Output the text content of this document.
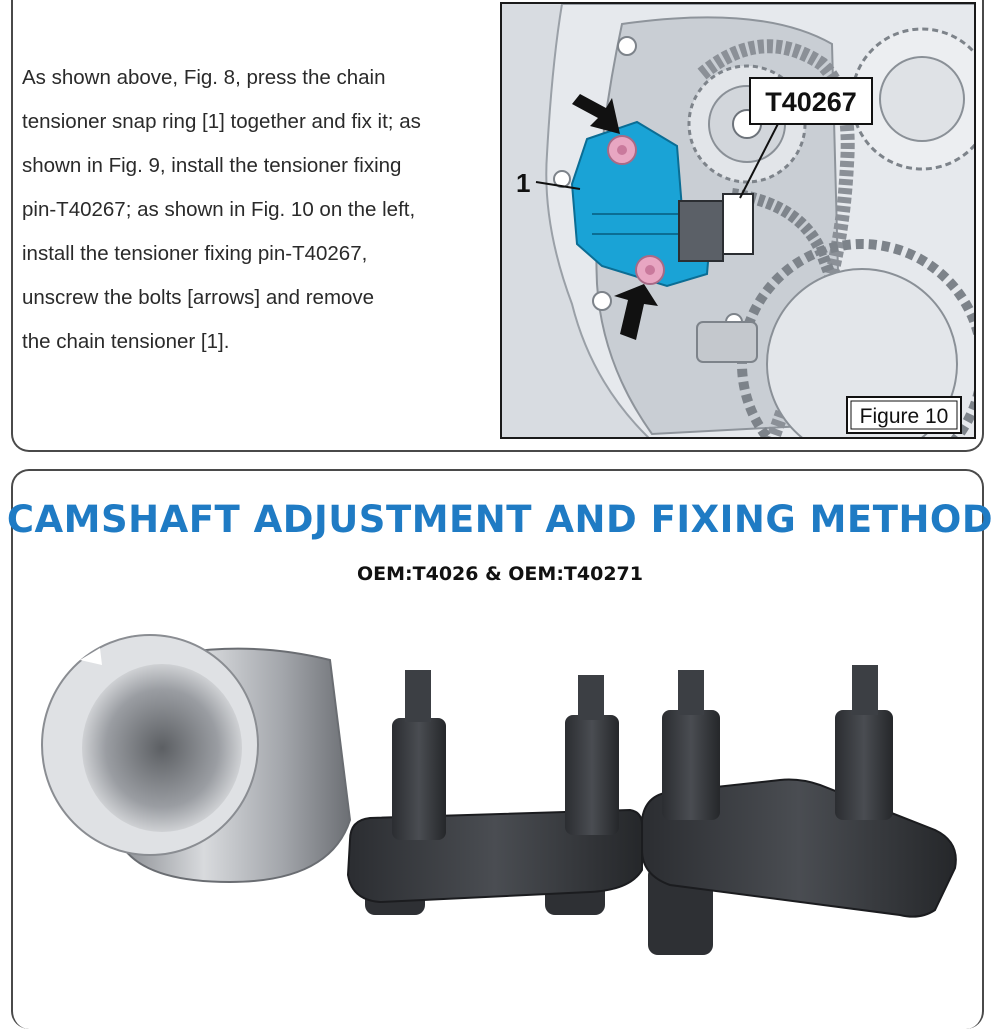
As shown above, Fig. 8, press the chain
tensioner snap ring [1] together and fix it; as
shown in Fig. 9, install the tensioner fixing
pin-T40267; as shown in Fig. 10 on the left,
install the tensioner fixing pin-T40267,
unscrew the bolts [arrows] and remove
the chain tensioner [1].

T40267
1
Figure 10
CAMSHAFT ADJUSTMENT AND FIXING METHOD

OEM:T4026 & OEM:T40271
